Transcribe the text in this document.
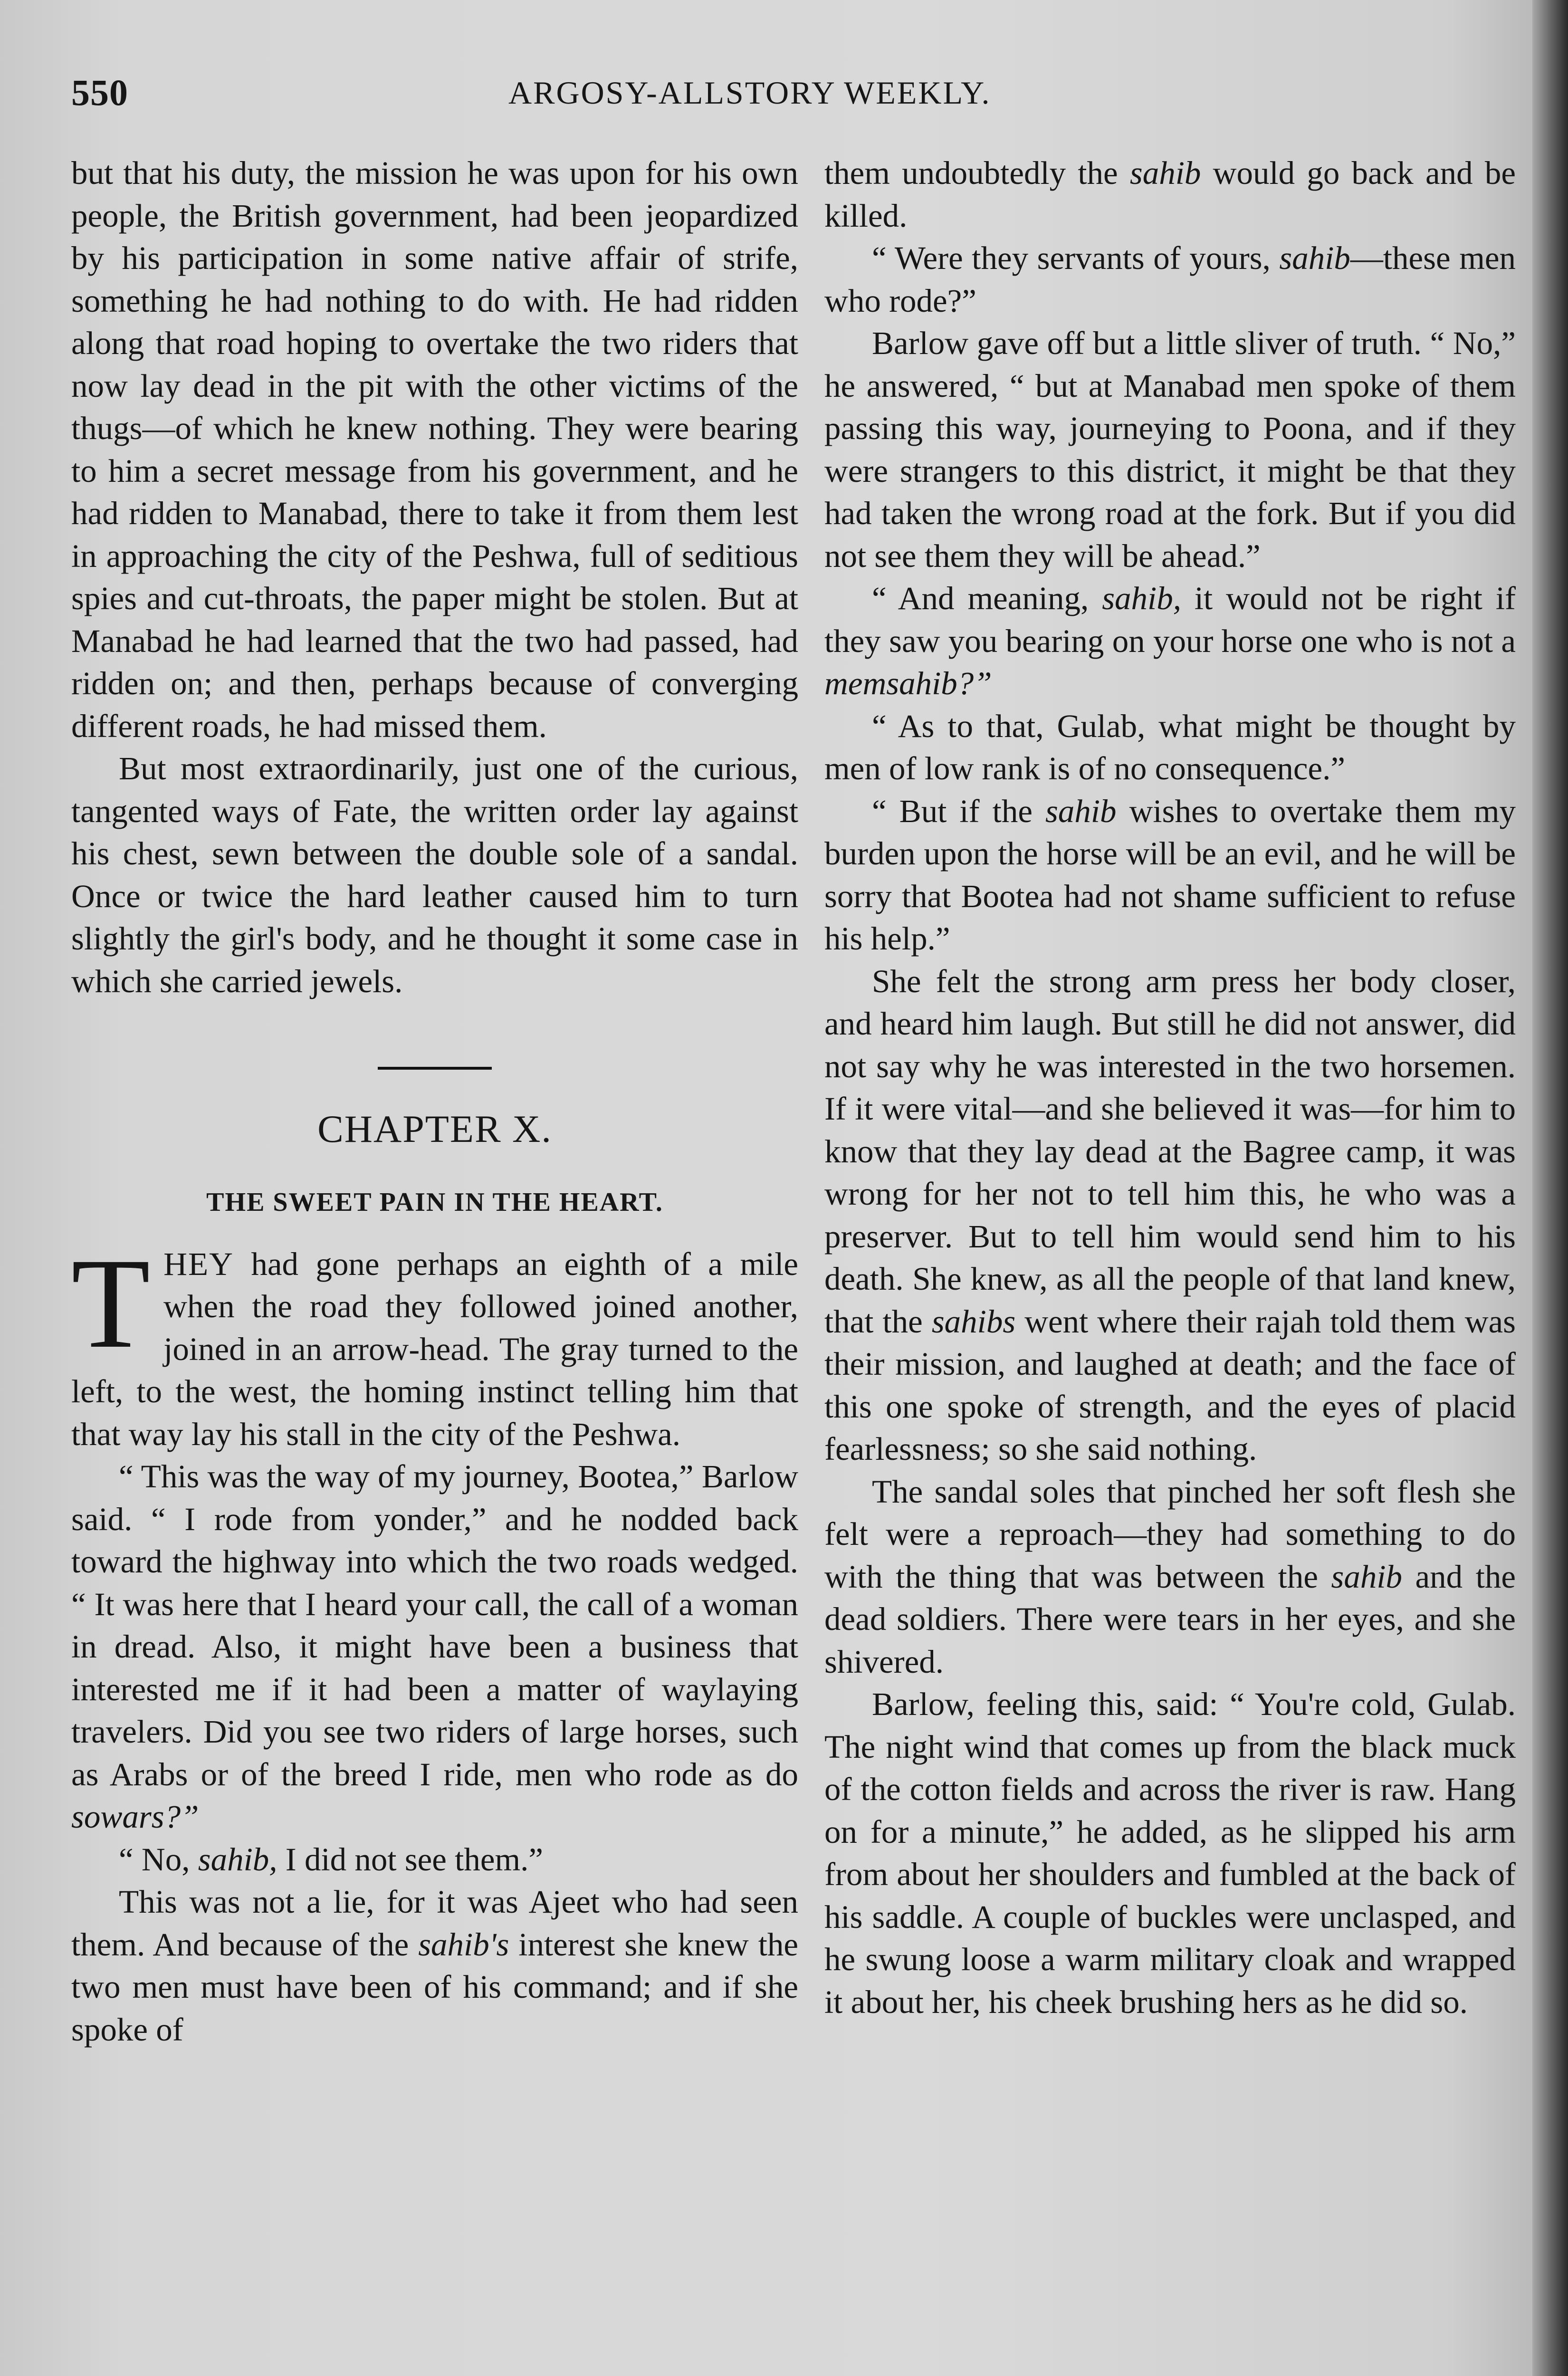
550	ARGOSY-ALLSTORY WEEKLY.

but that his duty, the mission he was upon for his own people, the British government, had been jeopardized by his participation in some native affair of strife, something he had nothing to do with. He had ridden along that road hoping to overtake the two riders that now lay dead in the pit with the other victims of the thugs—of which he knew nothing. They were bearing to him a secret message from his government, and he had ridden to Manabad, there to take it from them lest in approaching the city of the Peshwa, full of seditious spies and cut-throats, the paper might be stolen. But at Manabad he had learned that the two had passed, had ridden on; and then, perhaps because of converging different roads, he had missed them.

But most extraordinarily, just one of the curious, tangented ways of Fate, the written order lay against his chest, sewn between the double sole of a sandal. Once or twice the hard leather caused him to turn slightly the girl's body, and he thought it some case in which she carried jewels.

CHAPTER X.
THE SWEET PAIN IN THE HEART.

THEY had gone perhaps an eighth of a mile when the road they followed joined another, joined in an arrow-head. The gray turned to the left, to the west, the homing instinct telling him that that way lay his stall in the city of the Peshwa.

“ This was the way of my journey, Bootea,” Barlow said. “ I rode from yonder,” and he nodded back toward the highway into which the two roads wedged. “ It was here that I heard your call, the call of a woman in dread. Also, it might have been a business that interested me if it had been a matter of waylaying travelers. Did you see two riders of large horses, such as Arabs or of the breed I ride, men who rode as do sowars?”

“ No, sahib, I did not see them.”

This was not a lie, for it was Ajeet who had seen them. And because of the sahib's interest she knew the two men must have been of his command; and if she spoke of

them undoubtedly the sahib would go back and be killed.

“ Were they servants of yours, sahib—these men who rode?”

Barlow gave off but a little sliver of truth. “ No,” he answered, “ but at Manabad men spoke of them passing this way, journeying to Poona, and if they were strangers to this district, it might be that they had taken the wrong road at the fork. But if you did not see them they will be ahead.”

“ And meaning, sahib, it would not be right if they saw you bearing on your horse one who is not a memsahib?”

“ As to that, Gulab, what might be thought by men of low rank is of no consequence.”

“ But if the sahib wishes to overtake them my burden upon the horse will be an evil, and he will be sorry that Bootea had not shame sufficient to refuse his help.”

She felt the strong arm press her body closer, and heard him laugh. But still he did not answer, did not say why he was interested in the two horsemen. If it were vital—and she believed it was—for him to know that they lay dead at the Bagree camp, it was wrong for her not to tell him this, he who was a preserver. But to tell him would send him to his death. She knew, as all the people of that land knew, that the sahibs went where their rajah told them was their mission, and laughed at death; and the face of this one spoke of strength, and the eyes of placid fearlessness; so she said nothing.

The sandal soles that pinched her soft flesh she felt were a reproach—they had something to do with the thing that was between the sahib and the dead soldiers. There were tears in her eyes, and she shivered.

Barlow, feeling this, said: “ You're cold, Gulab. The night wind that comes up from the black muck of the cotton fields and across the river is raw. Hang on for a minute,” he added, as he slipped his arm from about her shoulders and fumbled at the back of his saddle. A couple of buckles were unclasped, and he swung loose a warm military cloak and wrapped it about her, his cheek brushing hers as he did so.
